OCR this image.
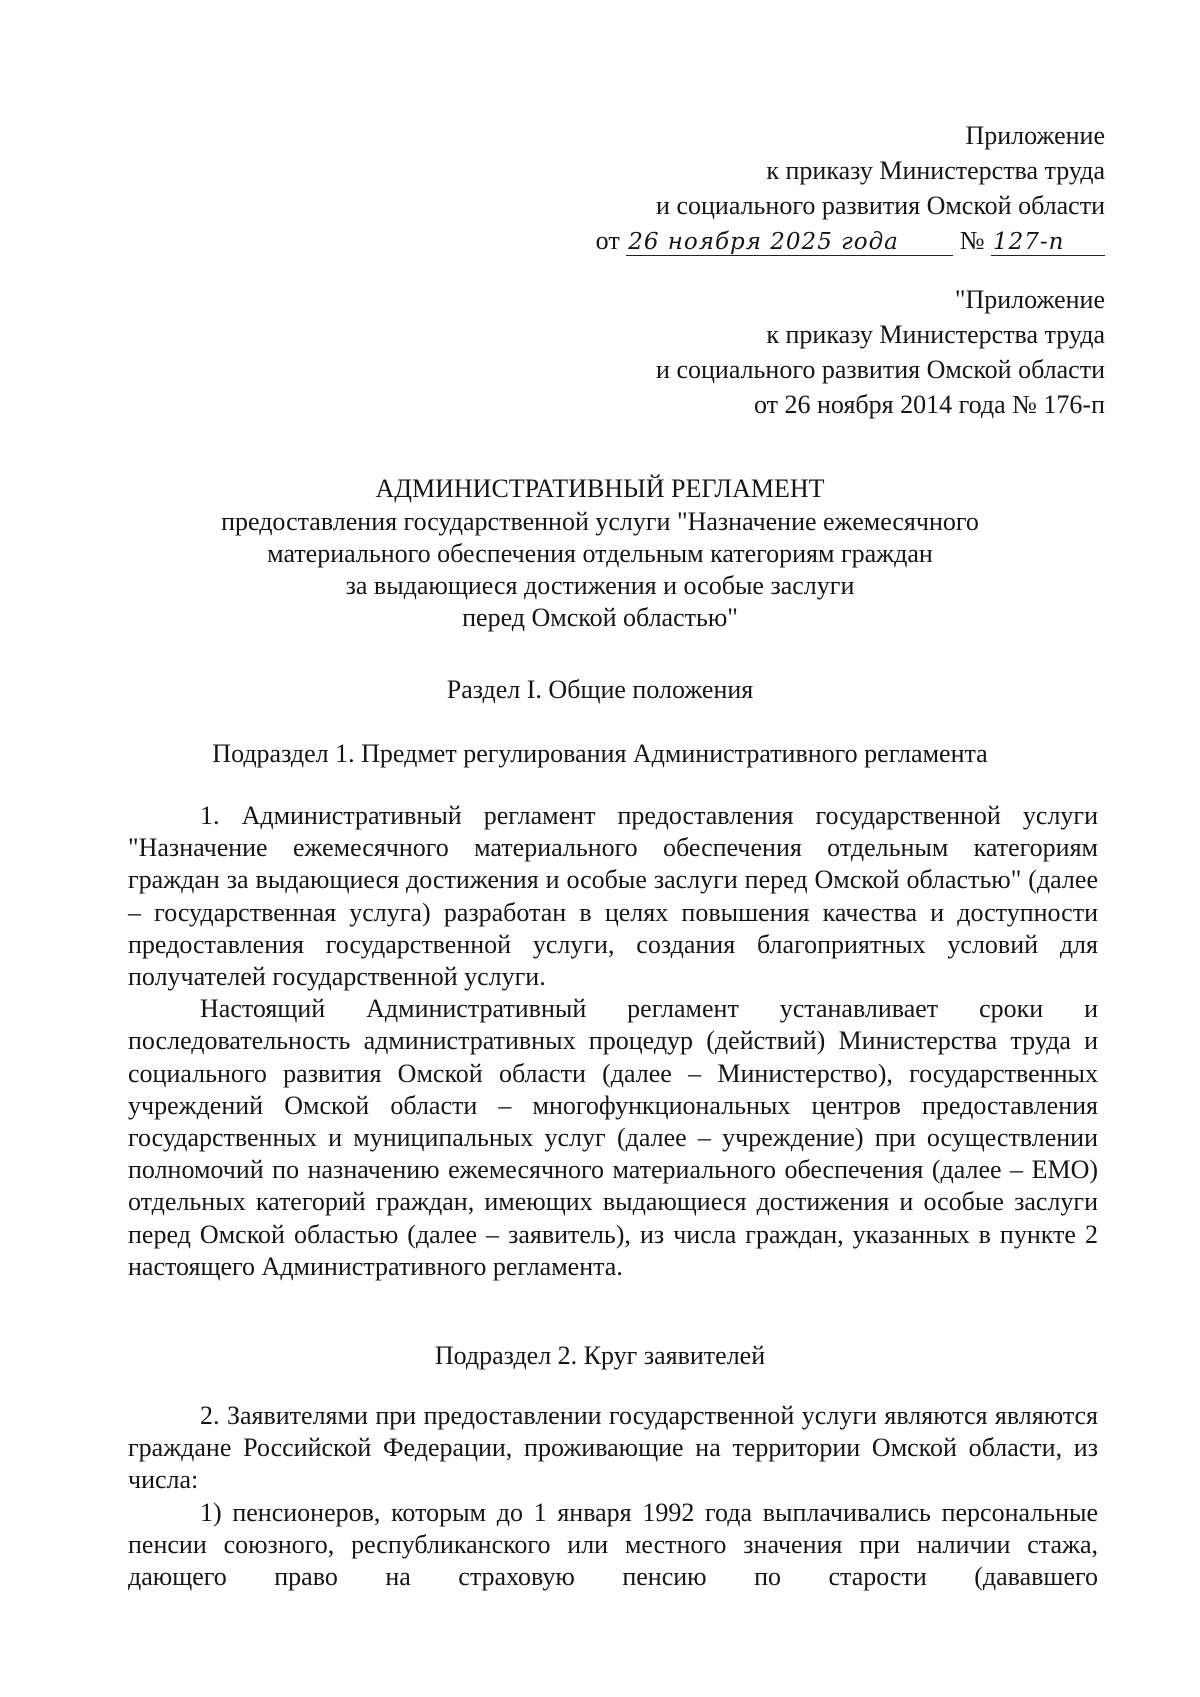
Приложение
к приказу Министерства труда
и социального развития Омской области
от 26 ноября 2025 года № 127-п
"Приложение
к приказу Министерства труда
и социального развития Омской области
от 26 ноября 2014 года № 176-п
АДМИНИСТРАТИВНЫЙ РЕГЛАМЕНТ
предоставления государственной услуги "Назначение ежемесячного
материального обеспечения отдельным категориям граждан
за выдающиеся достижения и особые заслуги
перед Омской областью"
Раздел I. Общие положения
Подраздел 1. Предмет регулирования Административного регламента

1. Административный регламент предоставления государственной услуги "Назначение ежемесячного материального обеспечения отдельным категориям граждан за выдающиеся достижения и особые заслуги перед Омской областью" (далее – государственная услуга) разработан в целях повышения качества и доступности предоставления государственной услуги, создания благоприятных условий для получателей государственной услуги.

Настоящий Административный регламент устанавливает сроки и последовательность административных процедур (действий) Министерства труда и социального развития Омской области (далее – Министерство), государственных учреждений Омской области – многофункциональных центров предоставления государственных и муниципальных услуг (далее – учреждение) при осуществлении полномочий по назначению ежемесячного материального обеспечения (далее – ЕМО) отдельных категорий граждан, имеющих выдающиеся достижения и особые заслуги перед Омской областью (далее – заявитель), из числа граждан, указанных в пункте 2 настоящего Административного регламента.

Подраздел 2. Круг заявителей

2. Заявителями при предоставлении государственной услуги являются являются граждане Российской Федерации, проживающие на территории Омской области, из числа:

1) пенсионеров, которым до 1 января 1992 года выплачивались персональные пенсии союзного, республиканского или местного значения при наличии стажа, дающего право на страховую пенсию по старости (дававшего
